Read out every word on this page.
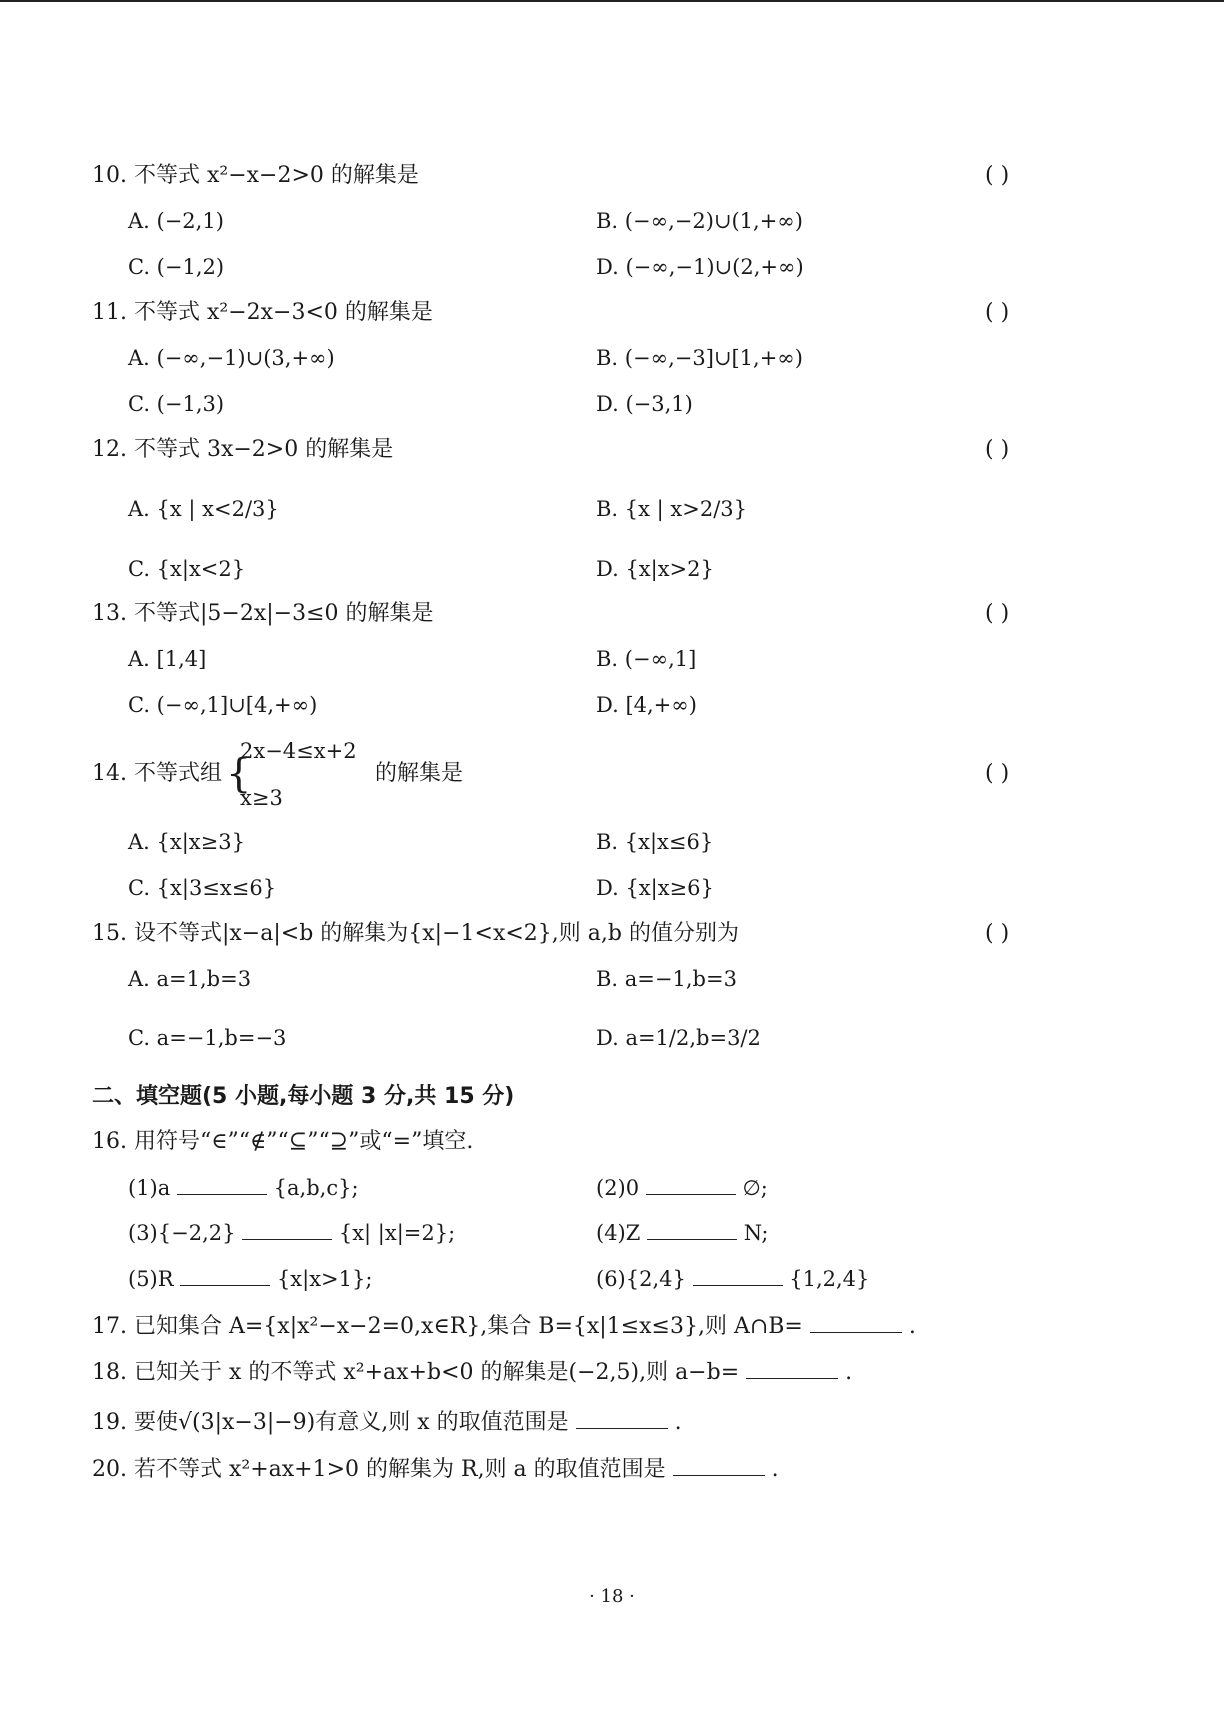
10. 不等式 x²−x−2>0 的解集是	( )
A. (−2,1)	B. (−∞,−2)∪(1,+∞)
C. (−1,2)	D. (−∞,−1)∪(2,+∞)
11. 不等式 x²−2x−3<0 的解集是	( )
A. (−∞,−1)∪(3,+∞)	B. (−∞,−3]∪[1,+∞)
C. (−1,3)	D. (−3,1)
12. 不等式 3x−2>0 的解集是	( )
A. {x | x<2/3}	B. {x | x>2/3}
C. {x|x<2}	D. {x|x>2}
13. 不等式|5−2x|−3≤0 的解集是	( )
A. [1,4]	B. (−∞,1]
C. (−∞,1]∪[4,+∞)	D. [4,+∞)
14. 不等式组 {
2x−4≤x+2
x≥3
的解集是	( )
A. {x|x≥3}	B. {x|x≤6}
C. {x|3≤x≤6}	D. {x|x≥6}
15. 设不等式|x−a|<b 的解集为{x|−1<x<2},则 a,b 的值分别为	( )
A. a=1,b=3	B. a=−1,b=3
C. a=−1,b=−3	D. a=1/2,b=3/2
二、填空题(5 小题,每小题 3 分,共 15 分)
16. 用符号“∈”“∉”“⊆”“⊇”或“=”填空.
(1)a	{a,b,c};	(2)0	∅;
(3){−2,2}	{x| |x|=2};	(4)Z	N;
(5)R	{x|x>1};	(6){2,4}	{1,2,4}
17. 已知集合 A={x|x²−x−2=0,x∈R},集合 B={x|1≤x≤3},则 A∩B=	.
18. 已知关于 x 的不等式 x²+ax+b<0 的解集是(−2,5),则 a−b=	.
19. 要使√(3|x−3|−9)有意义,则 x 的取值范围是	.
20. 若不等式 x²+ax+1>0 的解集为 R,则 a 的取值范围是	.
· 18 ·
